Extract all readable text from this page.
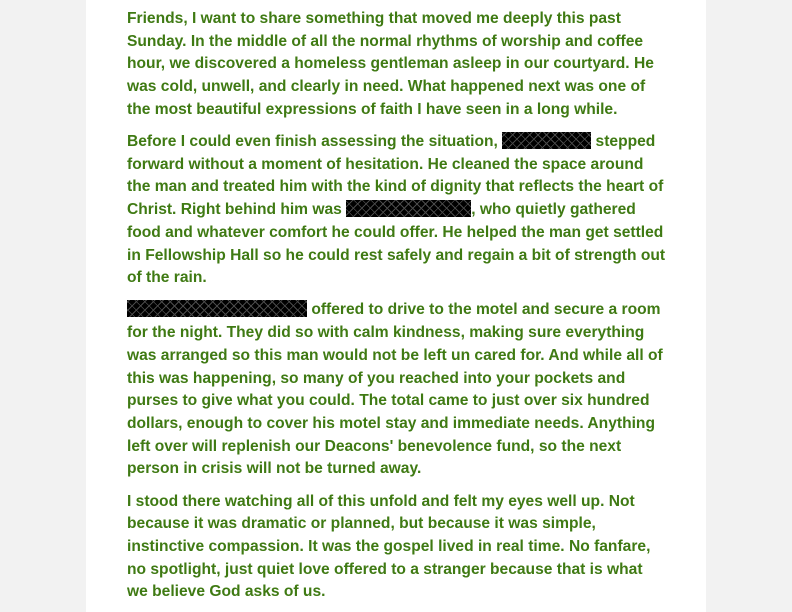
Friends, I want to share something that moved me deeply this past Sunday. In the middle of all the normal rhythms of worship and coffee hour, we discovered a homeless gentleman asleep in our courtyard. He was cold, unwell, and clearly in need. What happened next was one of the most beautiful expressions of faith I have seen in a long while.

Before I could even finish assessing the situation,	stepped forward without a moment of hesitation. He cleaned the space around the man and treated him with the kind of dignity that reflects the heart of Christ. Right behind him was	, who quietly gathered food and whatever comfort he could offer. He helped the man get settled in Fellowship Hall so he could rest safely and regain a bit of strength out of the rain.

offered to drive to the motel and secure a room for the night. They did so with calm kindness, making sure everything was arranged so this man would not be left un cared for. And while all of this was happening, so many of you reached into your pockets and purses to give what you could. The total came to just over six hundred dollars, enough to cover his motel stay and immediate needs. Anything left over will replenish our Deacons' benevolence fund, so the next person in crisis will not be turned away.

I stood there watching all of this unfold and felt my eyes well up. Not because it was dramatic or planned, but because it was simple, instinctive compassion. It was the gospel lived in real time. No fanfare, no spotlight, just quiet love offered to a stranger because that is what we believe God asks of us.
